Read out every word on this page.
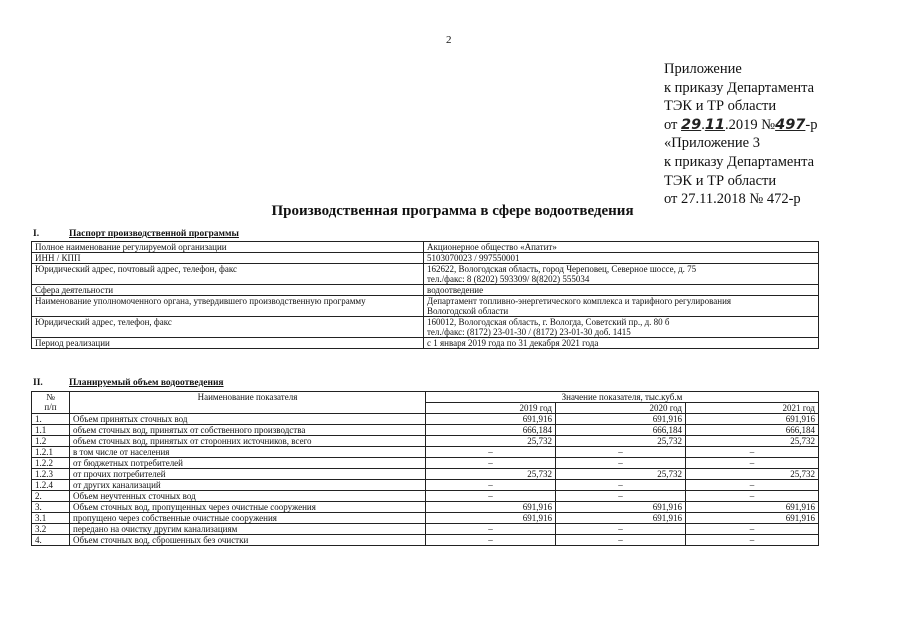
2
Приложение
к приказу Департамента
ТЭК и ТР области
от 29.11.2019 №497-р
«Приложение 3
к приказу Департамента
ТЭК и ТР области
от 27.11.2018 № 472-р
Производственная программа в сфере водоотведения
I.	Паспорт производственной программы
Полное наименование регулируемой организации	Акционерное общество «Апатит»

ИНН / КПП	5103070023 / 997550001

Юридический адрес, почтовый адрес, телефон, факс	162622, Вологодская область, город Череповец, Северное шоссе, д. 75
тел./факс: 8 (8202) 593309/ 8(8202) 555034

Сфера деятельности	водоотведение

Наименование уполномоченного органа, утвердившего производственную программу	Департамент топливно-энергетического комплекса и тарифного регулирования
Вологодской области

Юридический адрес, телефон, факс	160012, Вологодская область, г. Вологда, Советский пр., д. 80 б
тел./факс: (8172) 23-01-30 / (8172) 23-01-30 доб. 1415

Период реализации	с 1 января 2019 года по 31 декабря 2021 года
II.	Планируемый объем водоотведения
№
п/п	Наименование показателя	Значение показателя, тыс.куб.м		
		2019 год	2020 год	2021 год
1.	Объем принятых сточных вод	691,916	691,916	691,916
1.1	объем сточных вод, принятых от собственного производства	666,184	666,184	666,184
1.2	объем сточных вод, принятых от сторонних источников, всего	25,732	25,732	25,732
1.2.1	в том числе от населения	–	–	–
1.2.2	от бюджетных потребителей	–	–	–
1.2.3	от прочих потребителей	25,732	25,732	25,732
1.2.4	от других канализаций	–	–	–
2.	Объем неучтенных сточных вод	–	–	–
3.	Объем сточных вод, пропущенных через очистные сооружения	691,916	691,916	691,916
3.1	пропущено через собственные очистные сооружения	691,916	691,916	691,916
3.2	передано на очистку другим канализациям	–	–	–
4.	Объем сточных вод, сброшенных без очистки	–	–	–
